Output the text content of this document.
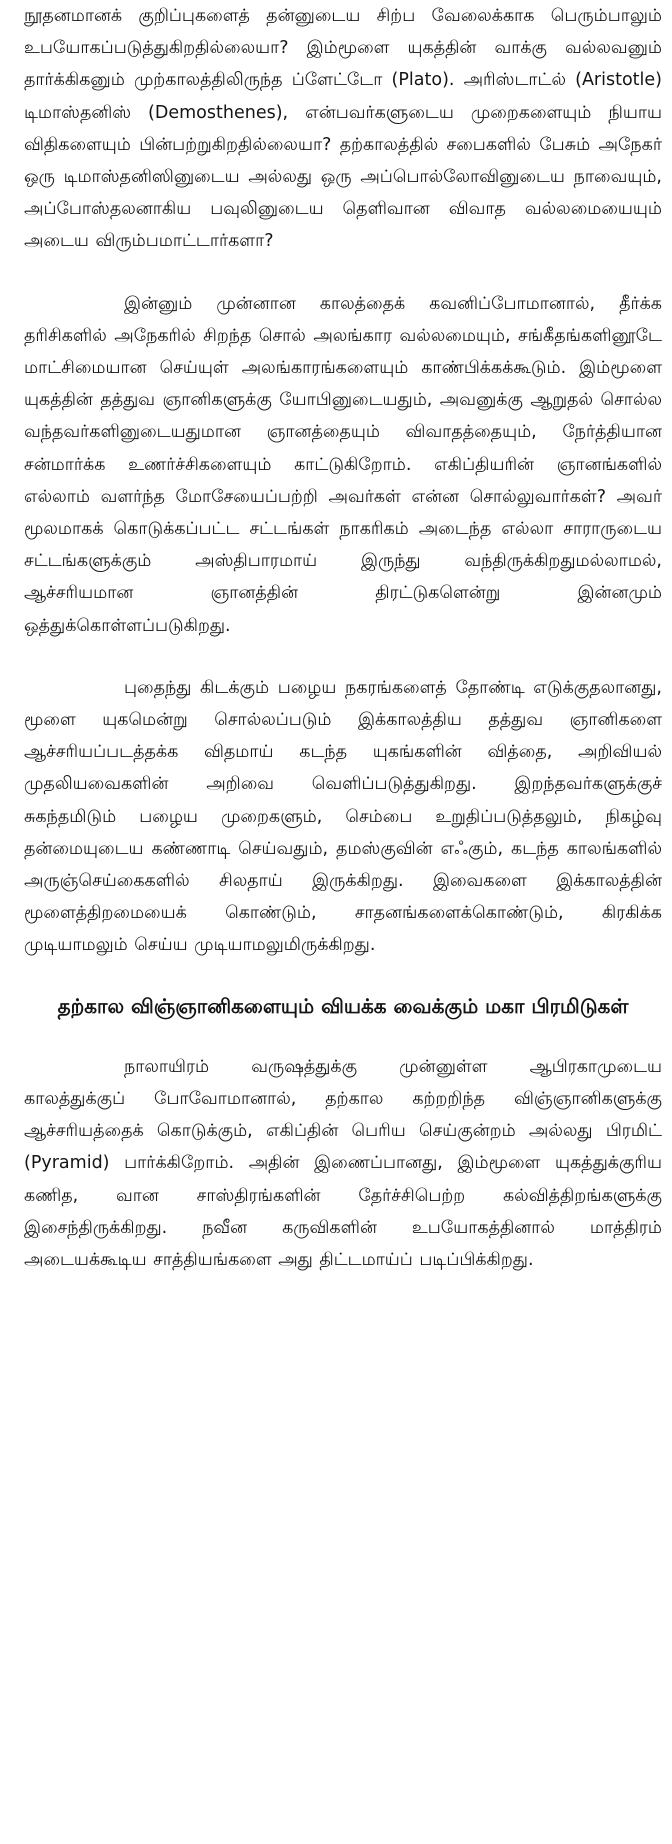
நூதனமானக் குறிப்புகளைத் தன்னுடைய சிற்ப வேலைக்காக பெரும்பாலும் உபயோகப்படுத்துகிறதில்லையா? இம்மூளை யுகத்தின் வாக்கு வல்லவனும் தார்க்கிகனும் முற்காலத்திலிருந்த ப்ளேட்டோ (Plato). அரிஸ்டாட்ல் (Aristotle) டிமாஸ்தனிஸ் (Demosthenes), என்பவர்களுடைய முறைகளையும் நியாய விதிகளையும் பின்பற்றுகிறதில்லையா? தற்காலத்தில் சபைகளில் பேசும் அநேகர் ஒரு டிமாஸ்தனிஸினுடைய அல்லது ஒரு அப்பொல்லோவினுடைய நாவையும், அப்போஸ்தலனாகிய பவுலினுடைய தெளிவான விவாத வல்லமையையும் அடைய விரும்பமாட்டார்களா?

இன்னும் முன்னான காலத்தைக் கவனிப்போமானால், தீர்க்க தரிசிகளில் அநேகரில் சிறந்த சொல் அலங்கார வல்லமையும், சங்கீதங்களினூடே மாட்சிமையான செய்யுள் அலங்காரங்களையும் காண்பிக்கக்கூடும். இம்மூளை யுகத்தின் தத்துவ ஞானிகளுக்கு யோபினுடையதும், அவனுக்கு ஆறுதல் சொல்ல வந்தவர்களினுடையதுமான ஞானத்தையும் விவாதத்தையும், நேர்த்தியான சன்மார்க்க உணர்ச்சிகளையும் காட்டுகிறோம். எகிப்தியரின் ஞானங்களில் எல்லாம் வளர்ந்த மோசேயைப்பற்றி அவர்கள் என்ன சொல்லுவார்கள்? அவர் மூலமாகக் கொடுக்கப்பட்ட சட்டங்கள் நாகரிகம் அடைந்த எல்லா சாராருடைய சட்டங்களுக்கும் அஸ்திபாரமாய் இருந்து வந்திருக்கிறதுமல்லாமல், ஆச்சரியமான ஞானத்தின் திரட்டுகளென்று இன்னமும் ஒத்துக்கொள்ளப்படுகிறது.

புதைந்து கிடக்கும் பழைய நகரங்களைத் தோண்டி எடுக்குதலானது, மூளை யுகமென்று சொல்லப்படும் இக்காலத்திய தத்துவ ஞானிகளை ஆச்சரியப்படத்தக்க விதமாய் கடந்த யுகங்களின் வித்தை, அறிவியல் முதலியவைகளின் அறிவை வெளிப்படுத்துகிறது. இறந்தவர்களுக்குச் சுகந்தமிடும் பழைய முறைகளும், செம்பை உறுதிப்படுத்தலும், நிகழ்வு தன்மையுடைய கண்ணாடி செய்வதும், தமஸ்குவின் எஃகும், கடந்த காலங்களில் அருஞ்செய்கைகளில் சிலதாய் இருக்கிறது. இவைகளை இக்காலத்தின் மூளைத்திறமையைக் கொண்டும், சாதனங்களைக்கொண்டும், கிரகிக்க முடியாமலும் செய்ய முடியாமலுமிருக்கிறது.

தற்கால விஞ்ஞானிகளையும் வியக்க வைக்கும் மகா பிரமிடுகள்

நாலாயிரம் வருஷத்துக்கு முன்னுள்ள ஆபிரகாமுடைய காலத்துக்குப் போவோமானால், தற்கால கற்றறிந்த விஞ்ஞானிகளுக்கு ஆச்சரியத்தைக் கொடுக்கும், எகிப்தின் பெரிய செய்குன்றம் அல்லது பிரமிட் (Pyramid) பார்க்கிறோம். அதின் இணைப்பானது, இம்மூளை யுகத்துக்குரிய கணித, வான சாஸ்திரங்களின் தேர்ச்சிபெற்ற கல்வித்திறங்களுக்கு இசைந்திருக்கிறது. நவீன கருவிகளின் உபயோகத்தினால் மாத்திரம் அடையக்கூடிய சாத்தியங்களை அது திட்டமாய்ப் படிப்பிக்கிறது.
